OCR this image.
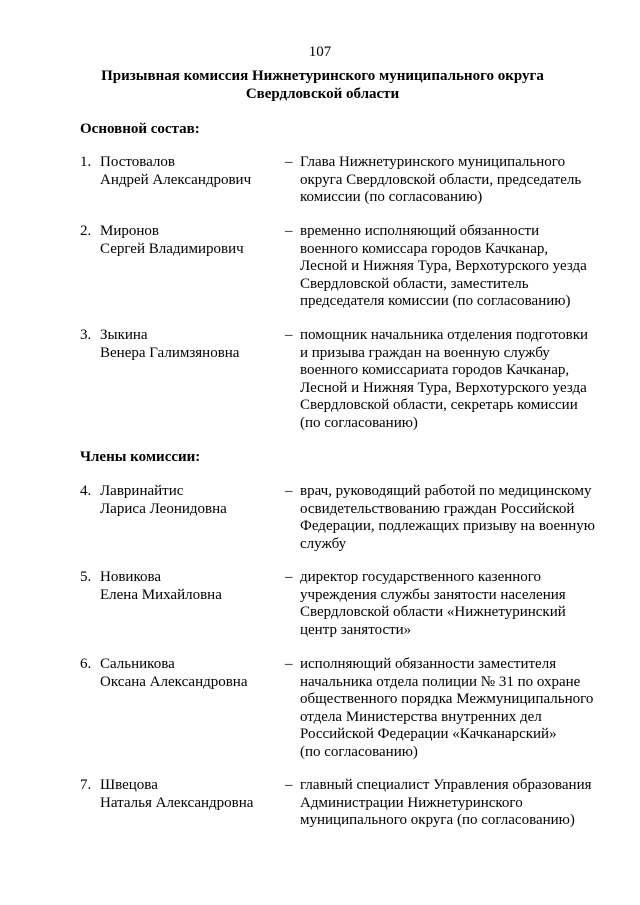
107
Призывная комиссия Нижнетуринского муниципального округа
Свердловской области
Основной состав:
1. Постовалов
Андрей Александрович
– Глава Нижнетуринского муниципального
округа Свердловской области, председатель
комиссии (по согласованию)
2. Миронов
Сергей Владимирович
– временно исполняющий обязанности
военного комиссара городов Качканар,
Лесной и Нижняя Тура, Верхотурского уезда
Свердловской области, заместитель
председателя комиссии (по согласованию)
3. Зыкина
Венера Галимзяновна
– помощник начальника отделения подготовки
и призыва граждан на военную службу
военного комиссариата городов Качканар,
Лесной и Нижняя Тура, Верхотурского уезда
Свердловской области, секретарь комиссии
(по согласованию)
Члены комиссии:
4. Лавринайтис
Лариса Леонидовна
– врач, руководящий работой по медицинскому
освидетельствованию граждан Российской
Федерации, подлежащих призыву на военную
службу
5. Новикова
Елена Михайловна
– директор государственного казенного
учреждения службы занятости населения
Свердловской области «Нижнетуринский
центр занятости»
6. Сальникова
Оксана Александровна
– исполняющий обязанности заместителя
начальника отдела полиции № 31 по охране
общественного порядка Межмуниципального
отдела Министерства внутренних дел
Российской Федерации «Качканарский»
(по согласованию)
7. Швецова
Наталья Александровна
– главный специалист Управления образования
Администрации Нижнетуринского
муниципального округа (по согласованию)
